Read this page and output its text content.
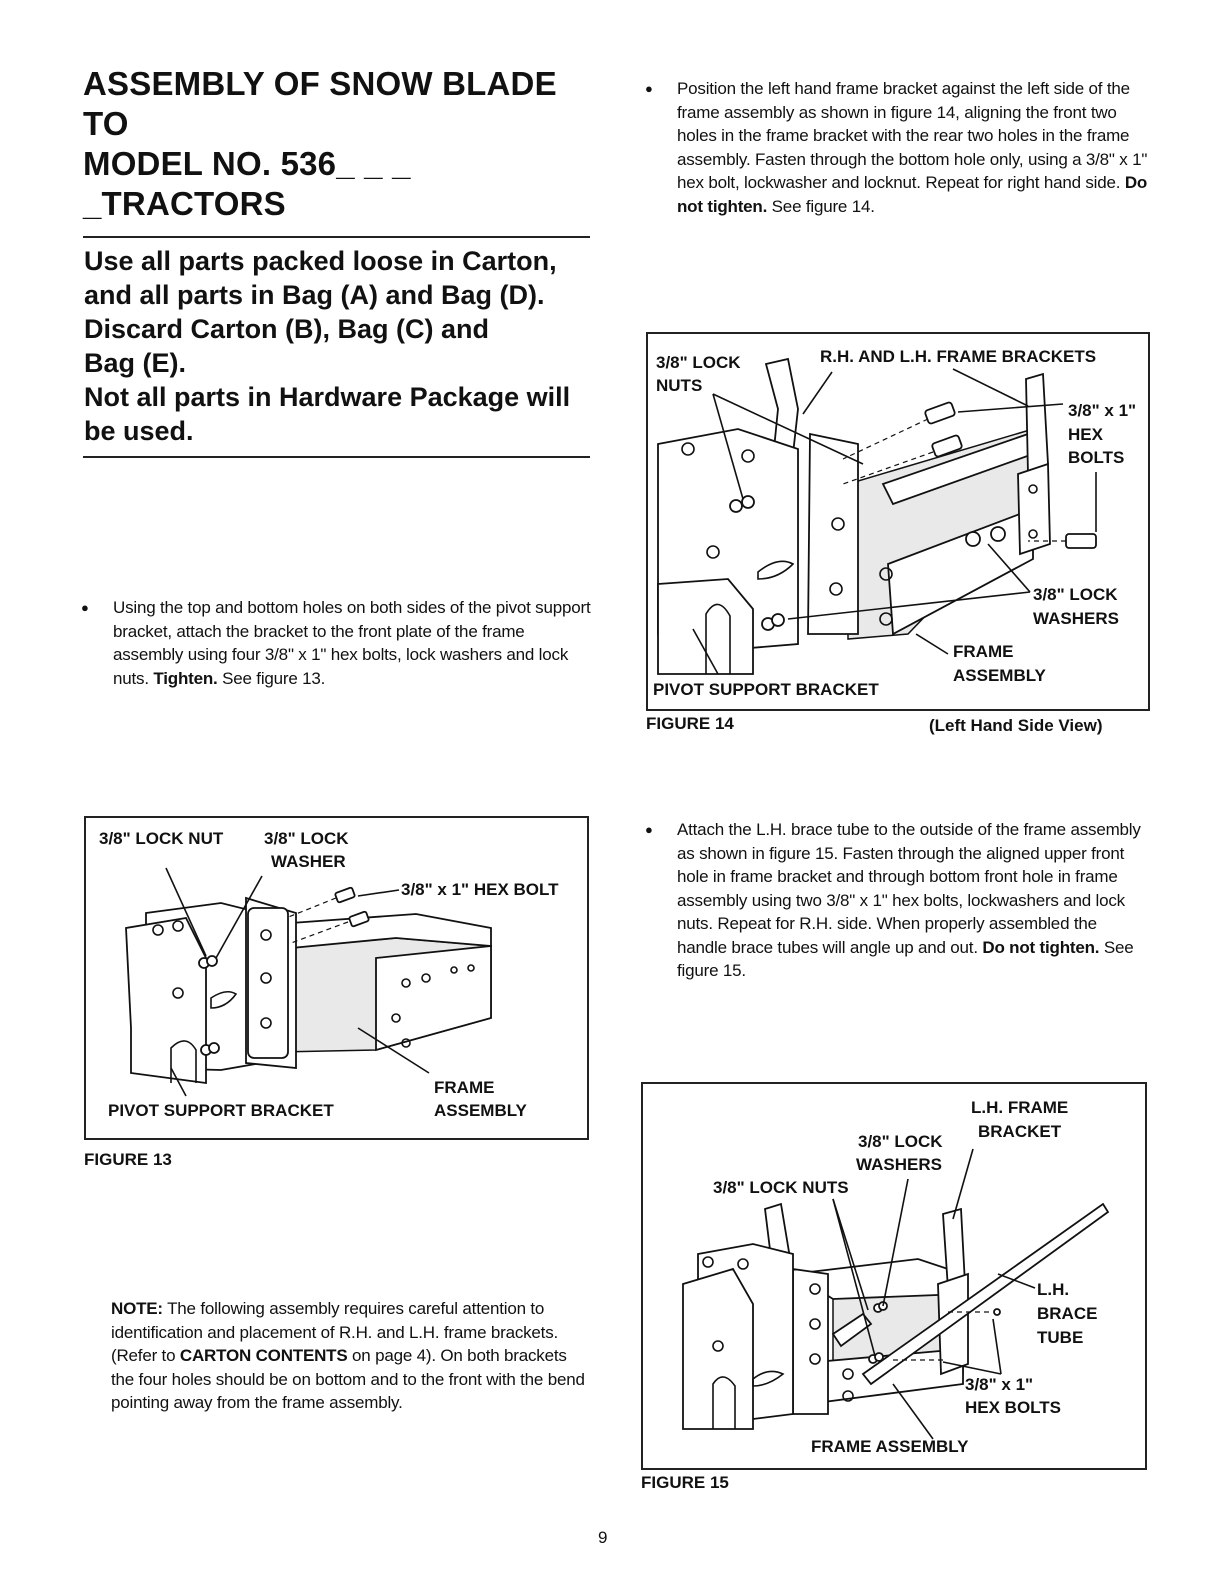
ASSEMBLY OF SNOW BLADE TO
MODEL NO. 536_ _ _ _TRACTORS
Use all parts packed loose in Carton,
and all parts in Bag (A) and Bag (D).
Discard Carton (B), Bag (C) and
Bag (E).
Not all parts in Hardware Package will
be used.
● Using the top and bottom holes on both sides of the pivot support bracket, attach the bracket to the front plate of the frame assembly using four 3/8" x 1" hex bolts, lock washers and lock nuts. Tighten. See figure 13.
3/8" LOCK NUT 3/8" LOCK
WASHER
3/8" x 1" HEX BOLT
FRAME
ASSEMBLY
PIVOT SUPPORT BRACKET
FIGURE 13
NOTE: The following assembly requires careful attention to identification and placement of R.H. and L.H. frame brackets. (Refer to CARTON CONTENTS on page 4). On both brackets the four holes should be on bottom and to the front with the bend pointing away from the frame assembly.
● Position the left hand frame bracket against the left side of the frame assembly as shown in figure 14, aligning the front two holes in the frame bracket with the rear two holes in the frame assembly. Fasten through the bottom hole only, using a 3/8" x 1" hex bolt, lockwasher and locknut. Repeat for right hand side. Do not tighten. See figure 14.
3/8" LOCK
NUTS
R.H. AND L.H. FRAME BRACKETS
3/8" x 1"
HEX
BOLTS
3/8" LOCK
WASHERS
FRAME
ASSEMBLY
PIVOT SUPPORT BRACKET
FIGURE 14	(Left Hand Side View)
● Attach the L.H. brace tube to the outside of the frame assembly as shown in figure 15. Fasten through the aligned upper front hole in frame bracket and through bottom front hole in frame assembly using two 3/8" x 1" hex bolts, lockwashers and lock nuts. Repeat for R.H. side. When properly assembled the handle brace tubes will angle up and out. Do not tighten. See figure 15.
L.H. FRAME
BRACKET
3/8" LOCK
WASHERS
3/8" LOCK NUTS
L.H.
BRACE
TUBE
3/8" x 1"
HEX BOLTS
FRAME ASSEMBLY
FIGURE 15
9
